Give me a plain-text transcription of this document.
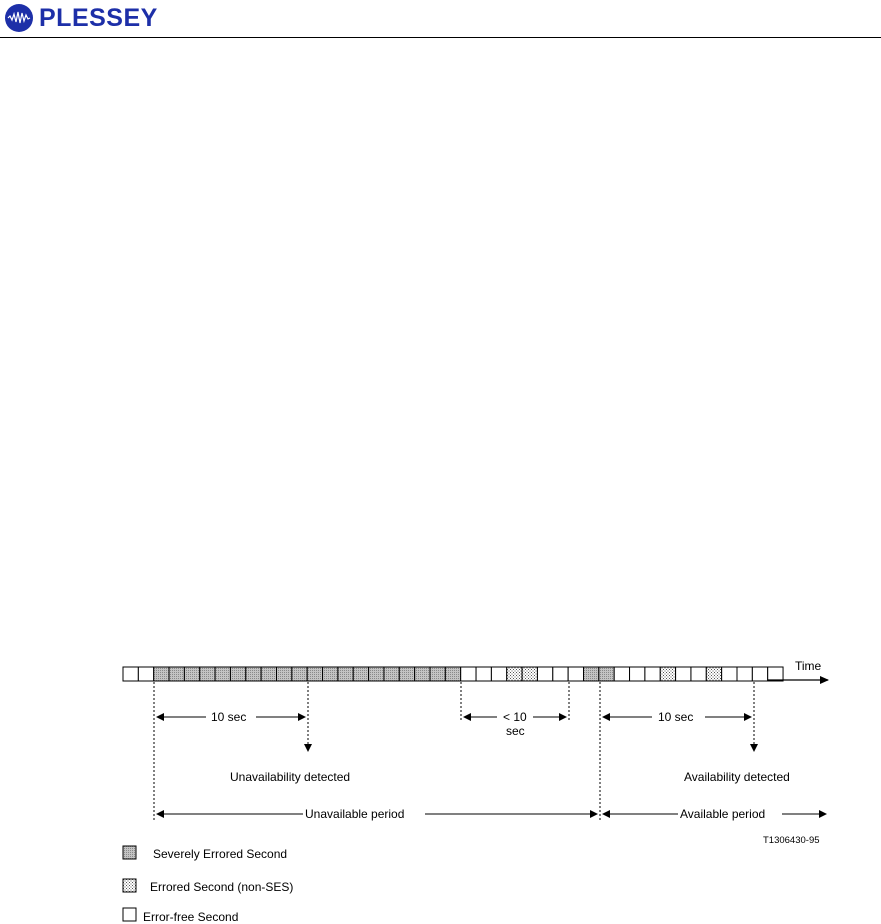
PLESSEY
Time
10 sec	< 10
sec
10 sec
Unavailability detected	Availability detected
Unavailable period	Available period
T1306430-95
Severely Errored Second
Errored Second (non-SES)
Error-free Second
